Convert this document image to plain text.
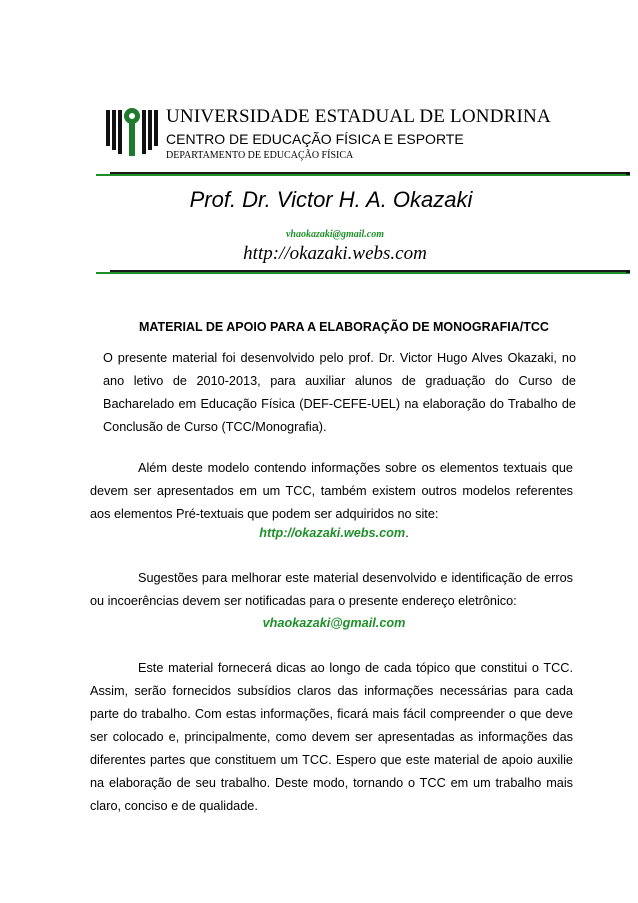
UNIVERSIDADE ESTADUAL DE LONDRINA
CENTRO DE EDUCAÇÃO FÍSICA E ESPORTE
DEPARTAMENTO DE EDUCAÇÃO FÍSICA
Prof. Dr. Victor H. A. Okazaki
vhaokazaki@gmail.com
http://okazaki.webs.com
MATERIAL DE APOIO PARA A ELABORAÇÃO DE MONOGRAFIA/TCC
O presente material foi desenvolvido pelo prof. Dr. Victor Hugo Alves Okazaki, no ano letivo de 2010-2013, para auxiliar alunos de graduação do Curso de Bacharelado em Educação Física (DEF-CEFE-UEL) na elaboração do Trabalho de Conclusão de Curso (TCC/Monografia).
Além deste modelo contendo informações sobre os elementos textuais que devem ser apresentados em um TCC, também existem outros modelos referentes aos elementos Pré-textuais que podem ser adquiridos no site:
http://okazaki.webs.com.
Sugestões para melhorar este material desenvolvido e identificação de erros ou incoerências devem ser notificadas para o presente endereço eletrônico:
vhaokazaki@gmail.com
Este material fornecerá dicas ao longo de cada tópico que constitui o TCC. Assim, serão fornecidos subsídios claros das informações necessárias para cada parte do trabalho. Com estas informações, ficará mais fácil compreender o que deve ser colocado e, principalmente, como devem ser apresentadas as informações das diferentes partes que constituem um TCC. Espero que este material de apoio auxilie na elaboração de seu trabalho. Deste modo, tornando o TCC em um trabalho mais claro, conciso e de qualidade.
